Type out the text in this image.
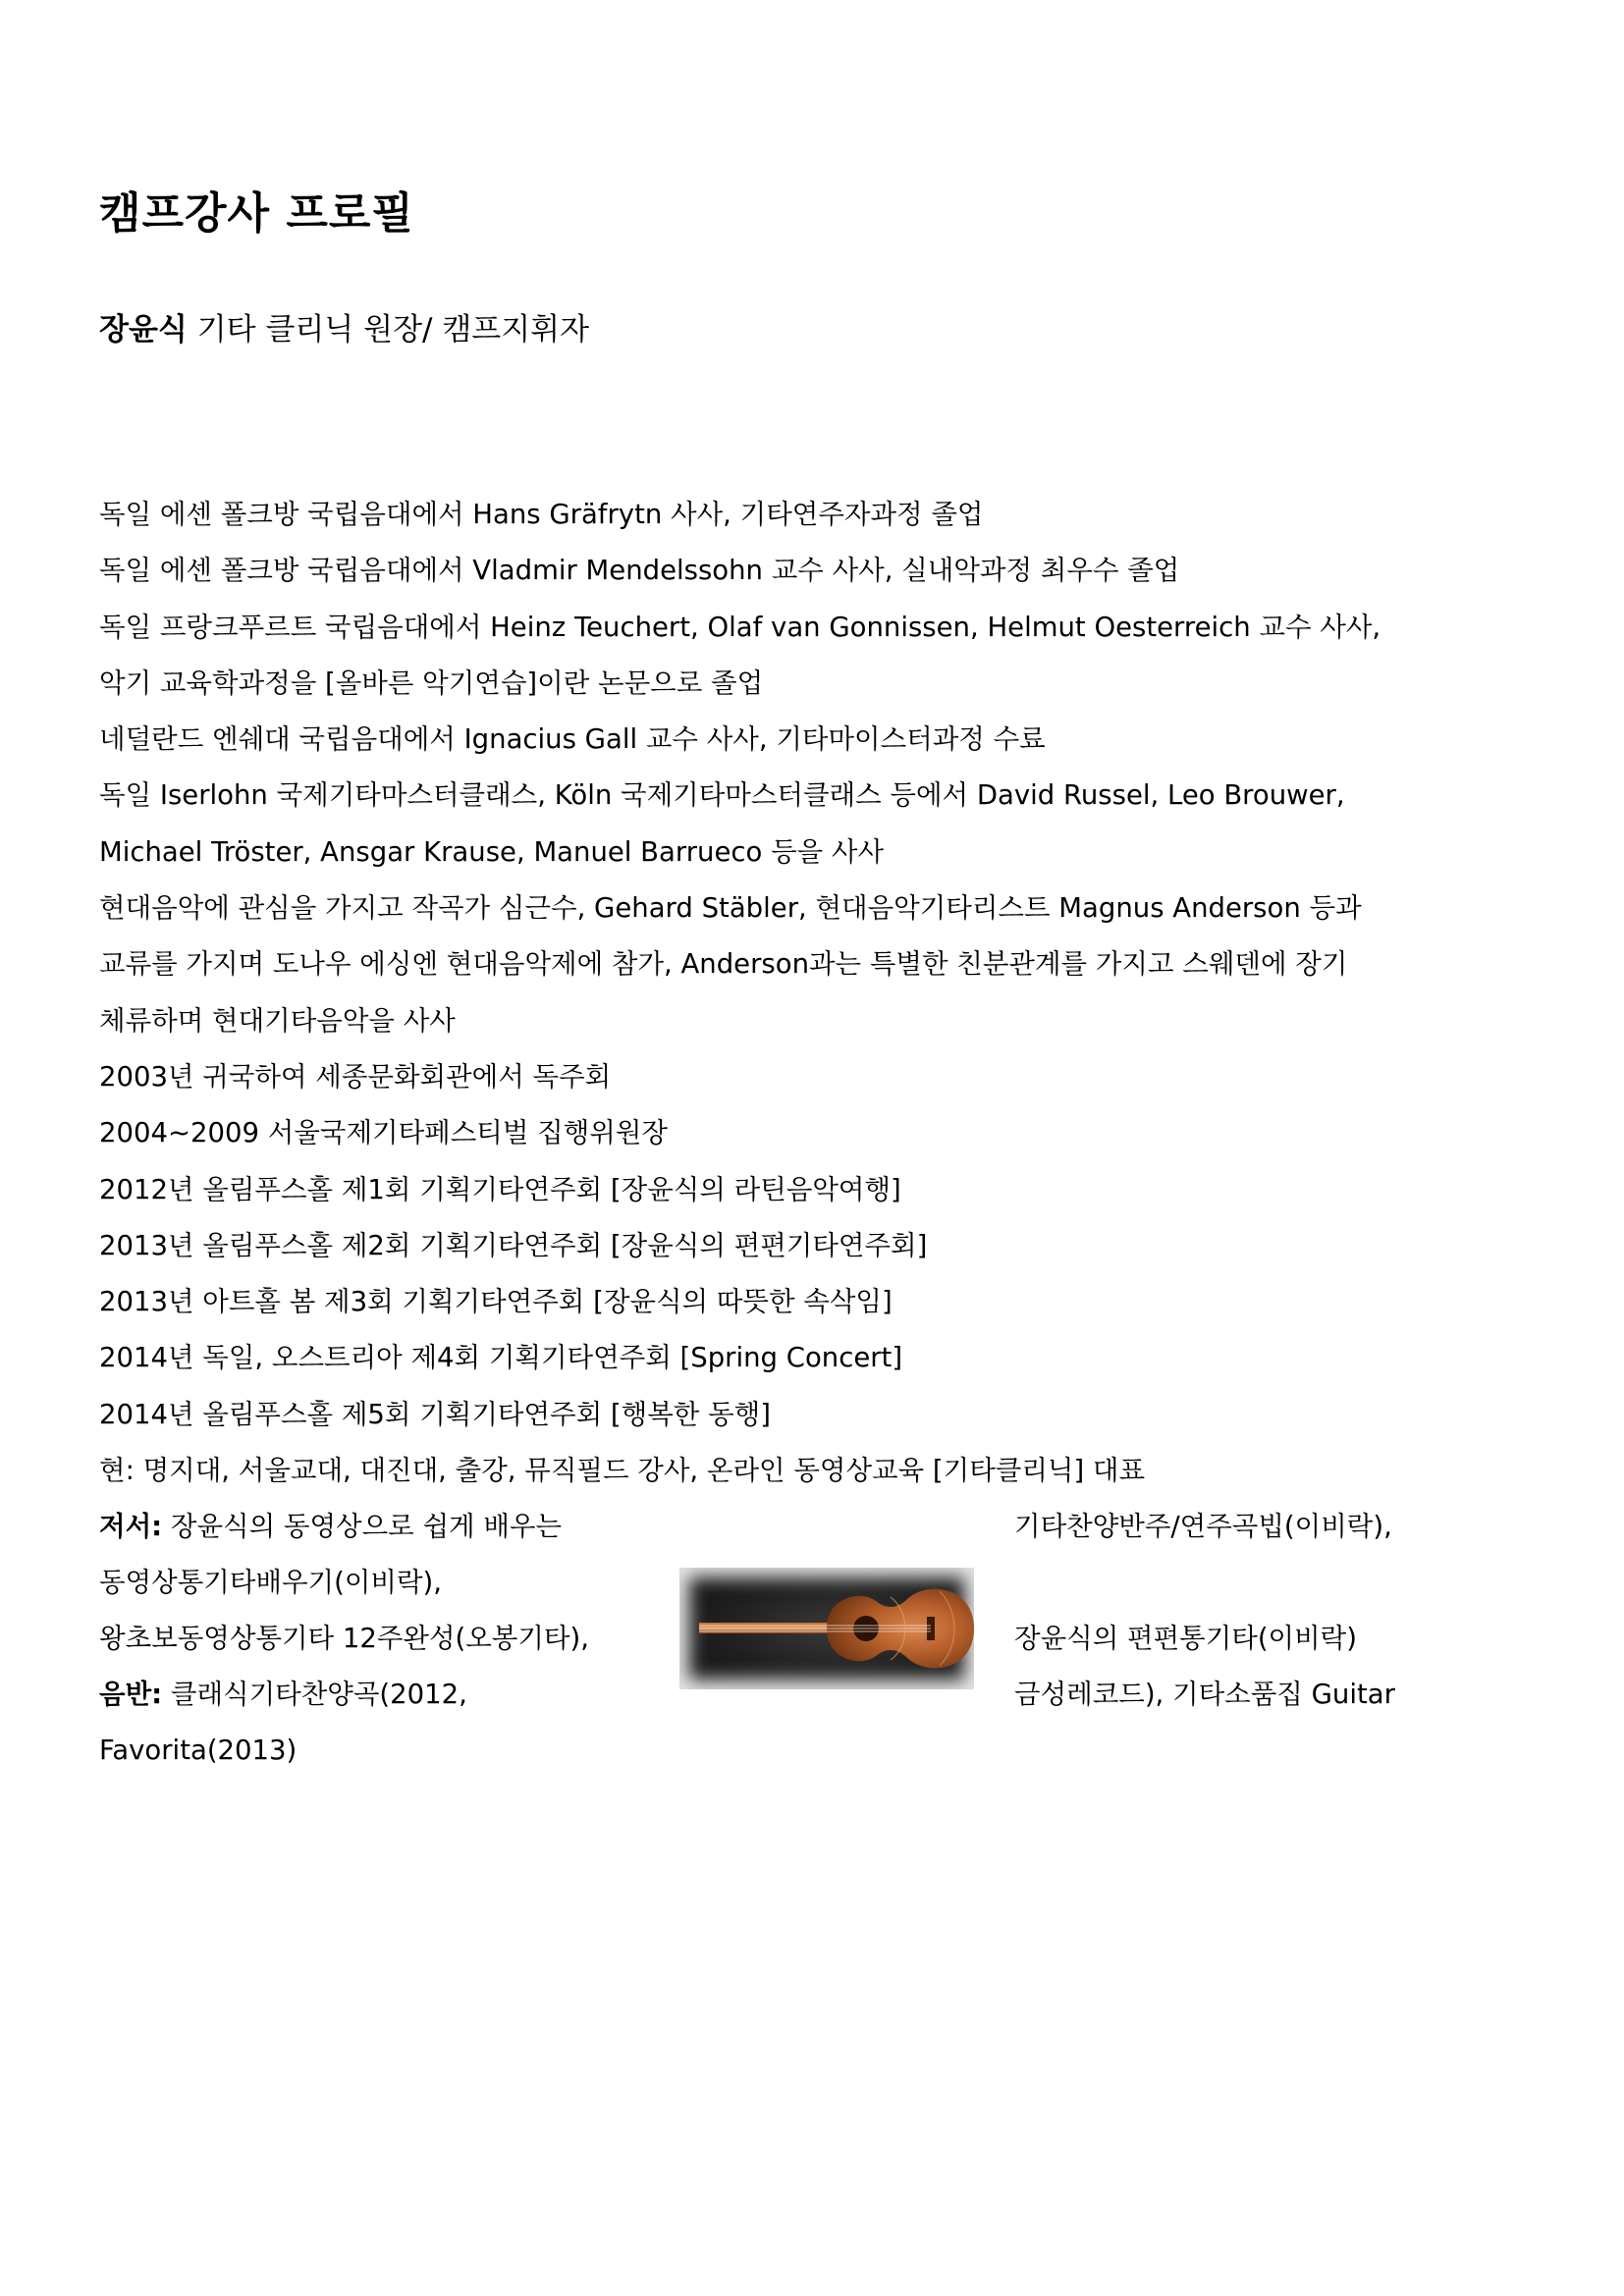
캠프강사 프로필

장윤식 기타 클리닉 원장/ 캠프지휘자

독일 에센 폴크방 국립음대에서 Hans Gräfrytn 사사, 기타연주자과정 졸업
독일 에센 폴크방 국립음대에서 Vladmir Mendelssohn 교수 사사, 실내악과정 최우수 졸업
독일 프랑크푸르트 국립음대에서 Heinz Teuchert, Olaf van Gonnissen, Helmut Oesterreich 교수 사사,
악기 교육학과정을 [올바른 악기연습]이란 논문으로 졸업
네덜란드 엔쉐대 국립음대에서 Ignacius Gall 교수 사사, 기타마이스터과정 수료
독일 Iserlohn 국제기타마스터클래스, Köln 국제기타마스터클래스 등에서 David Russel, Leo Brouwer,
Michael Tröster, Ansgar Krause, Manuel Barrueco 등을 사사
현대음악에 관심을 가지고 작곡가 심근수, Gehard Stäbler, 현대음악기타리스트 Magnus Anderson 등과
교류를 가지며 도나우 에싱엔 현대음악제에 참가, Anderson과는 특별한 친분관계를 가지고 스웨덴에 장기
체류하며 현대기타음악을 사사
2003년 귀국하여 세종문화회관에서 독주회
2004~2009 서울국제기타페스티벌 집행위원장
2012년 올림푸스홀 제1회 기획기타연주회 [장윤식의 라틴음악여행]
2013년 올림푸스홀 제2회 기획기타연주회 [장윤식의 편편기타연주회]
2013년 아트홀 봄 제3회 기획기타연주회 [장윤식의 따뜻한 속삭임]
2014년 독일, 오스트리아 제4회 기획기타연주회 [Spring Concert]
2014년 올림푸스홀 제5회 기획기타연주회 [행복한 동행]
현: 명지대, 서울교대, 대진대, 출강, 뮤직필드 강사, 온라인 동영상교육 [기타클리닉] 대표
저서: 장윤식의 동영상으로 쉽게 배우는	기타찬양반주/연주곡빕(이비락),
동영상통기타배우기(이비락),
왕초보동영상통기타 12주완성(오봉기타),	장윤식의 편편통기타(이비락)
음반: 클래식기타찬양곡(2012,	금성레코드), 기타소품집 Guitar
Favorita(2013)
